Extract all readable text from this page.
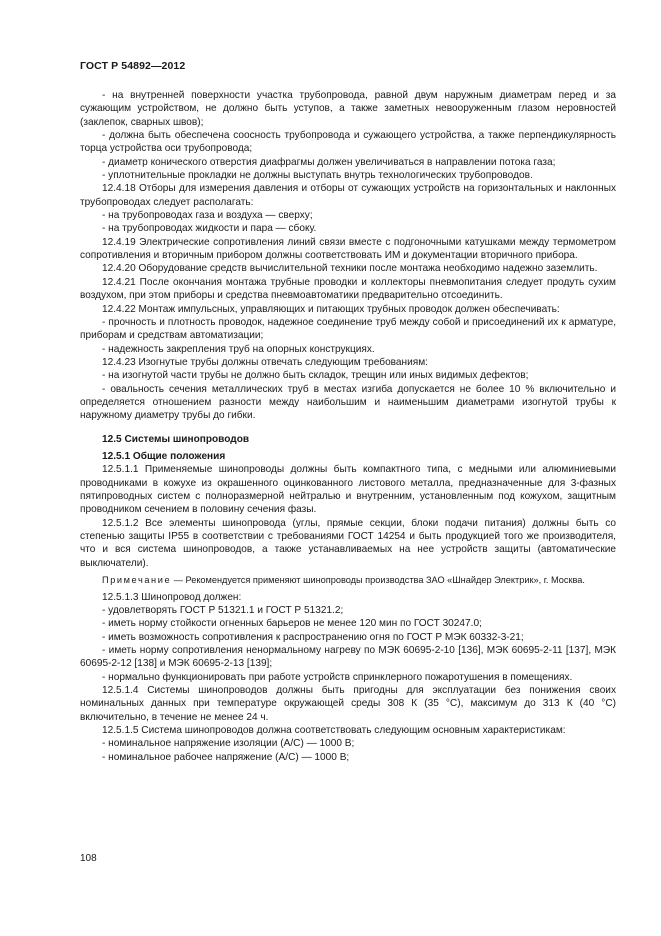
ГОСТ Р 54892—2012

- на внутренней поверхности участка трубопровода, равной двум наружным диаметрам перед и за сужающим устройством, не должно быть уступов, а также заметных невооруженным глазом неровностей (заклепок, сварных швов);

- должна быть обеспечена соосность трубопровода и сужающего устройства, а также перпендикулярность торца устройства оси трубопровода;

- диаметр конического отверстия диафрагмы должен увеличиваться в направлении потока газа;

- уплотнительные прокладки не должны выступать внутрь технологических трубопроводов.

12.4.18 Отборы для измерения давления и отборы от сужающих устройств на горизонтальных и наклонных трубопроводах следует располагать:

- на трубопроводах газа и воздуха — сверху;

- на трубопроводах жидкости и пара — сбоку.

12.4.19 Электрические сопротивления линий связи вместе с подгоночными катушками между термометром сопротивления и вторичным прибором должны соответствовать ИМ и документации вторичного прибора.

12.4.20 Оборудование средств вычислительной техники после монтажа необходимо надежно заземлить.

12.4.21 После окончания монтажа трубные проводки и коллекторы пневмопитания следует продуть сухим воздухом, при этом приборы и средства пневмоавтоматики предварительно отсоединить.

12.4.22 Монтаж импульсных, управляющих и питающих трубных проводок должен обеспечивать:

- прочность и плотность проводок, надежное соединение труб между собой и присоединений их к арматуре, приборам и средствам автоматизации;

- надежность закрепления труб на опорных конструкциях.

12.4.23 Изогнутые трубы должны отвечать следующим требованиям:

- на изогнутой части трубы не должно быть складок, трещин или иных видимых дефектов;

- овальность сечения металлических труб в местах изгиба допускается не более 10 % включительно и определяется отношением разности между наибольшим и наименьшим диаметрами изогнутой трубы к наружному диаметру трубы до гибки.

12.5 Системы шинопроводов

12.5.1 Общие положения

12.5.1.1 Применяемые шинопроводы должны быть компактного типа, с медными или алюминиевыми проводниками в кожухе из окрашенного оцинкованного листового металла, предназначенные для 3-фазных пятипроводных систем с полноразмерной нейтралью и внутренним, установленным под кожухом, защитным проводником сечением в половину сечения фазы.

12.5.1.2 Все элементы шинопровода (углы, прямые секции, блоки подачи питания) должны быть со степенью защиты IP55 в соответствии с требованиями ГОСТ 14254 и быть продукцией того же производителя, что и вся система шинопроводов, а также устанавливаемых на нее устройств защиты (автоматические выключатели).

Примечание — Рекомендуется применяют шинопроводы производства ЗАО «Шнайдер Электрик», г. Москва.

12.5.1.3 Шинопровод должен:

- удовлетворять ГОСТ Р 51321.1 и ГОСТ Р 51321.2;

- иметь норму стойкости огненных барьеров не менее 120 мин по ГОСТ 30247.0;

- иметь возможность сопротивления к распространению огня по ГОСТ Р МЭК 60332-3-21;

- иметь норму сопротивления ненормальному нагреву по МЭК 60695-2-10 [136], МЭК 60695-2-11 [137], МЭК 60695-2-12 [138] и МЭК 60695-2-13 [139];

- нормально функционировать при работе устройств спринклерного пожаротушения в помещениях.

12.5.1.4 Системы шинопроводов должны быть пригодны для эксплуатации без понижения своих номинальных данных при температуре окружающей среды 308 К (35 °С), максимум до 313 К (40 °С) включительно, в течение не менее 24 ч.

12.5.1.5 Система шинопроводов должна соответствовать следующим основным характеристикам:

- номинальное напряжение изоляции (А/С) — 1000 В;

- номинальное рабочее напряжение (А/С) — 1000 В;

108
